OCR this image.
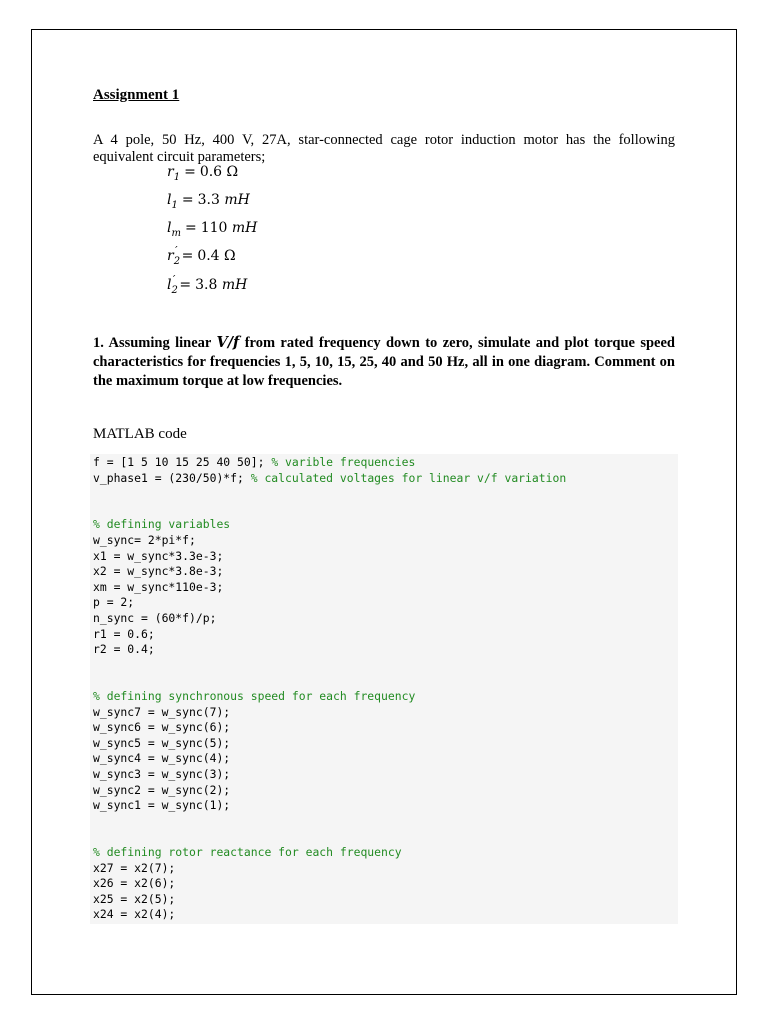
Assignment 1
A 4 pole, 50 Hz, 400 V, 27A, star-connected cage rotor induction motor has the following equivalent circuit parameters;
$r_1 = 0.6$ Ω
$l_1 = 3.3$ mH
$l_m = 110$ mH
$r_2' = 0.4$ Ω
$l_2' = 3.8$ mH
1. Assuming linear V/f from rated frequency down to zero, simulate and plot torque speed characteristics for frequencies 1, 5, 10, 15, 25, 40 and 50 Hz, all in one diagram. Comment on the maximum torque at low frequencies.
MATLAB code
f = [1 5 10 15 25 40 50]; % varible frequencies
v_phase1 = (230/50)*f; % calculated voltages for linear v/f variation
% defining variables
w_sync= 2*pi*f;
x1 = w_sync*3.3e-3;
x2 = w_sync*3.8e-3;
xm = w_sync*110e-3;
p = 2;
n_sync = (60*f)/p;
r1 = 0.6;
r2 = 0.4;
% defining synchronous speed for each frequency
w_sync7 = w_sync(7);
w_sync6 = w_sync(6);
w_sync5 = w_sync(5);
w_sync4 = w_sync(4);
w_sync3 = w_sync(3);
w_sync2 = w_sync(2);
w_sync1 = w_sync(1);
% defining rotor reactance for each frequency
x27 = x2(7);
x26 = x2(6);
x25 = x2(5);
x24 = x2(4);
